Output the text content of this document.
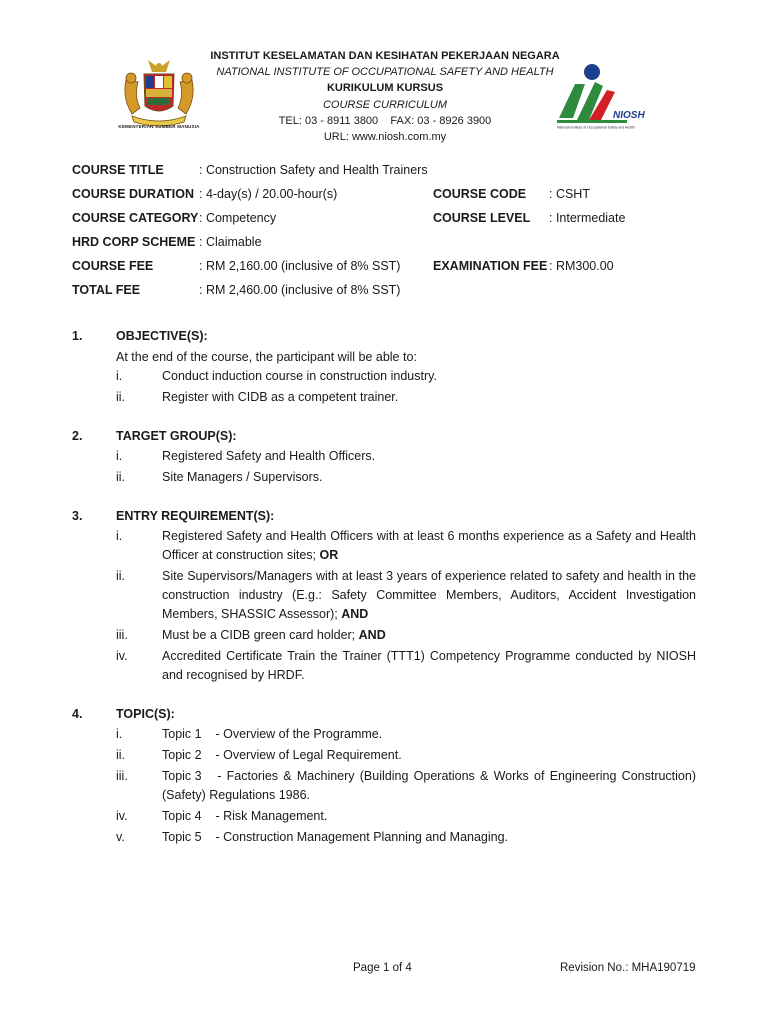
KEMENTERIAN SUMBER MANUSIA
INSTITUT KESELAMATAN DAN KESIHATAN PEKERJAAN NEGARA
NATIONAL INSTITUTE OF OCCUPATIONAL SAFETY AND HEALTH
KURIKULUM KURSUS
COURSE CURRICULUM
TEL: 03 - 8911 3800    FAX: 03 - 8926 3900
URL: www.niosh.com.my
NIOSH
National Institute of Occupational Safety and Health
COURSE TITLE	: Construction Safety and Health Trainers
COURSE DURATION : 4-day(s) / 20.00-hour(s)	COURSE CODE : CSHT
COURSE CATEGORY : Competency	COURSE LEVEL : Intermediate
HRD CORP SCHEME : Claimable
COURSE FEE	: RM 2,160.00 (inclusive of 8% SST)	EXAMINATION FEE : RM300.00
TOTAL FEE	: RM 2,460.00 (inclusive of 8% SST)
1.	OBJECTIVE(S):
At the end of the course, the participant will be able to:
i.	Conduct induction course in construction industry.
ii.	Register with CIDB as a competent trainer.
2.	TARGET GROUP(S):
i.	Registered Safety and Health Officers.
ii.	Site Managers / Supervisors.
3.	ENTRY REQUIREMENT(S):
i.	Registered Safety and Health Officers with at least 6 months experience as a Safety and Health Officer at construction sites; OR
ii.	Site Supervisors/Managers with at least 3 years of experience related to safety and health in the construction industry (E.g.: Safety Committee Members, Auditors, Accident Investigation Members, SHASSIC Assessor); AND
iii.	Must be a CIDB green card holder; AND
iv.	Accredited Certificate Train the Trainer (TTT1) Competency Programme conducted by NIOSH and recognised by HRDF.
4.	TOPIC(S):
i.	Topic 1 - Overview of the Programme.
ii.	Topic 2 - Overview of Legal Requirement.
iii.	Topic 3 - Factories & Machinery (Building Operations & Works of Engineering Construction) (Safety) Regulations 1986.
iv.	Topic 4 - Risk Management.
v.	Topic 5 - Construction Management Planning and Managing.
Page 1 of 4	Revision No.: MHA190719
